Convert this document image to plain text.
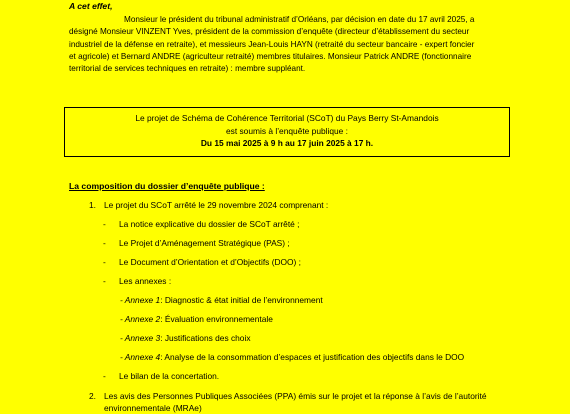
A cet effet,
Monsieur le président du tribunal administratif d’Orléans, par décision en date du 17 avril 2025, a
désigné Monsieur VINZENT Yves, président de la commission d’enquête (directeur d’établissement du secteur
industriel de la défense en retraite), et messieurs Jean-Louis HAYN (retraité du secteur bancaire - expert foncier
et agricole) et Bernard ANDRE (agriculteur retraité) membres titulaires. Monsieur Patrick ANDRE (fonctionnaire
territorial de services techniques en retraite) : membre suppléant.
Le projet de Schéma de Cohérence Territorial (SCoT) du Pays Berry St-Amandois
est soumis à l’enquête publique :
Du 15 mai 2025 à 9 h au 17 juin 2025 à 17 h.
La composition du dossier d’enquête publique :
1. Le projet du SCoT arrêté le 29 novembre 2024 comprenant :
- La notice explicative du dossier de SCoT arrêté ;
- Le Projet d’Aménagement Stratégique (PAS) ;
- Le Document d’Orientation et d’Objectifs (DOO) ;
- Les annexes :
- Annexe 1: Diagnostic & état initial de l’environnement
- Annexe 2: Évaluation environnementale
- Annexe 3: Justifications des choix
- Annexe 4: Analyse de la consommation d’espaces et justification des objectifs dans le DOO
- Le bilan de la concertation.
2. Les avis des Personnes Publiques Associées (PPA) émis sur le projet et la réponse à l’avis de l’autorité
environnementale (MRAe)
